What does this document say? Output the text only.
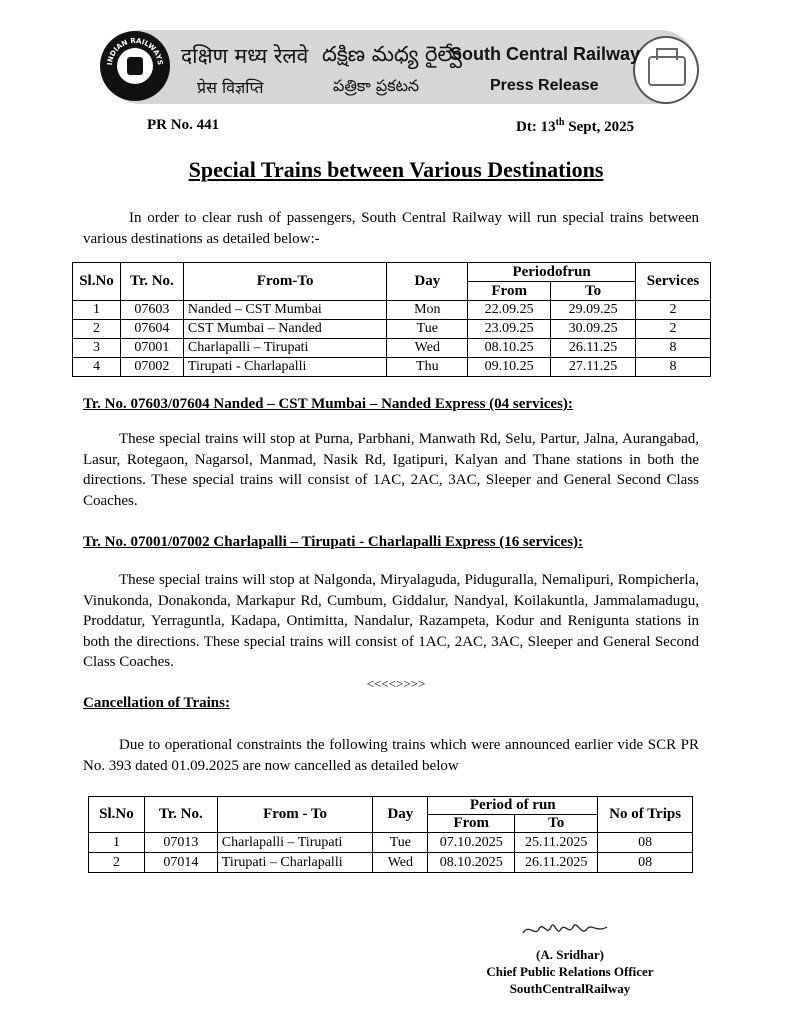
INDIAN RAILWAYS दक्षिण मध्य रेलवे దక్షిణ మధ్య రైల్వే
South Central Railway
प्रेस विज्ञप्ति	పత్రికా ప్రకటన	Press Release
PR No. 441	Dt: 13th Sept, 2025
Special Trains between Various Destinations
In order to clear rush of passengers, South Central Railway will run special trains between various destinations as detailed below:-
Sl.No	Tr. No.	From-To	Day	Periodofrun		Services
				From	To	
1	07603	Nanded – CST Mumbai	Mon	22.09.25	29.09.25	2
2	07604	CST Mumbai – Nanded	Tue	23.09.25	30.09.25	2
3	07001	Charlapalli – Tirupati	Wed	08.10.25	26.11.25	8
4	07002	Tirupati - Charlapalli	Thu	09.10.25	27.11.25	8
Tr. No. 07603/07604 Nanded – CST Mumbai – Nanded Express (04 services):
These special trains will stop at Purna, Parbhani, Manwath Rd, Selu, Partur, Jalna, Aurangabad, Lasur, Rotegaon, Nagarsol, Manmad, Nasik Rd, Igatipuri, Kalyan and Thane stations in both the directions. These special trains will consist of 1AC, 2AC, 3AC, Sleeper and General Second Class Coaches.
Tr. No. 07001/07002 Charlapalli – Tirupati - Charlapalli Express (16 services):
These special trains will stop at Nalgonda, Miryalaguda, Piduguralla, Nemalipuri, Rompicherla, Vinukonda, Donakonda, Markapur Rd, Cumbum, Giddalur, Nandyal, Koilakuntla, Jammalamadugu, Proddatur, Yerraguntla, Kadapa, Ontimitta, Nandalur, Razampeta, Kodur and Renigunta stations in both the directions. These special trains will consist of 1AC, 2AC, 3AC, Sleeper and General Second Class Coaches.
<<<<>>>>
Cancellation of Trains:
Due to operational constraints the following trains which were announced earlier vide SCR PR No. 393 dated 01.09.2025 are now cancelled as detailed below
Sl.No	Tr. No.	From - To	Day	Period of run		No of Trips
				From	To	
1	07013	Charlapalli – Tirupati	Tue	07.10.2025	25.11.2025	08
2	07014	Tirupati – Charlapalli	Wed	08.10.2025	26.11.2025	08
(A. Sridhar)
Chief Public Relations Officer
SouthCentralRailway
